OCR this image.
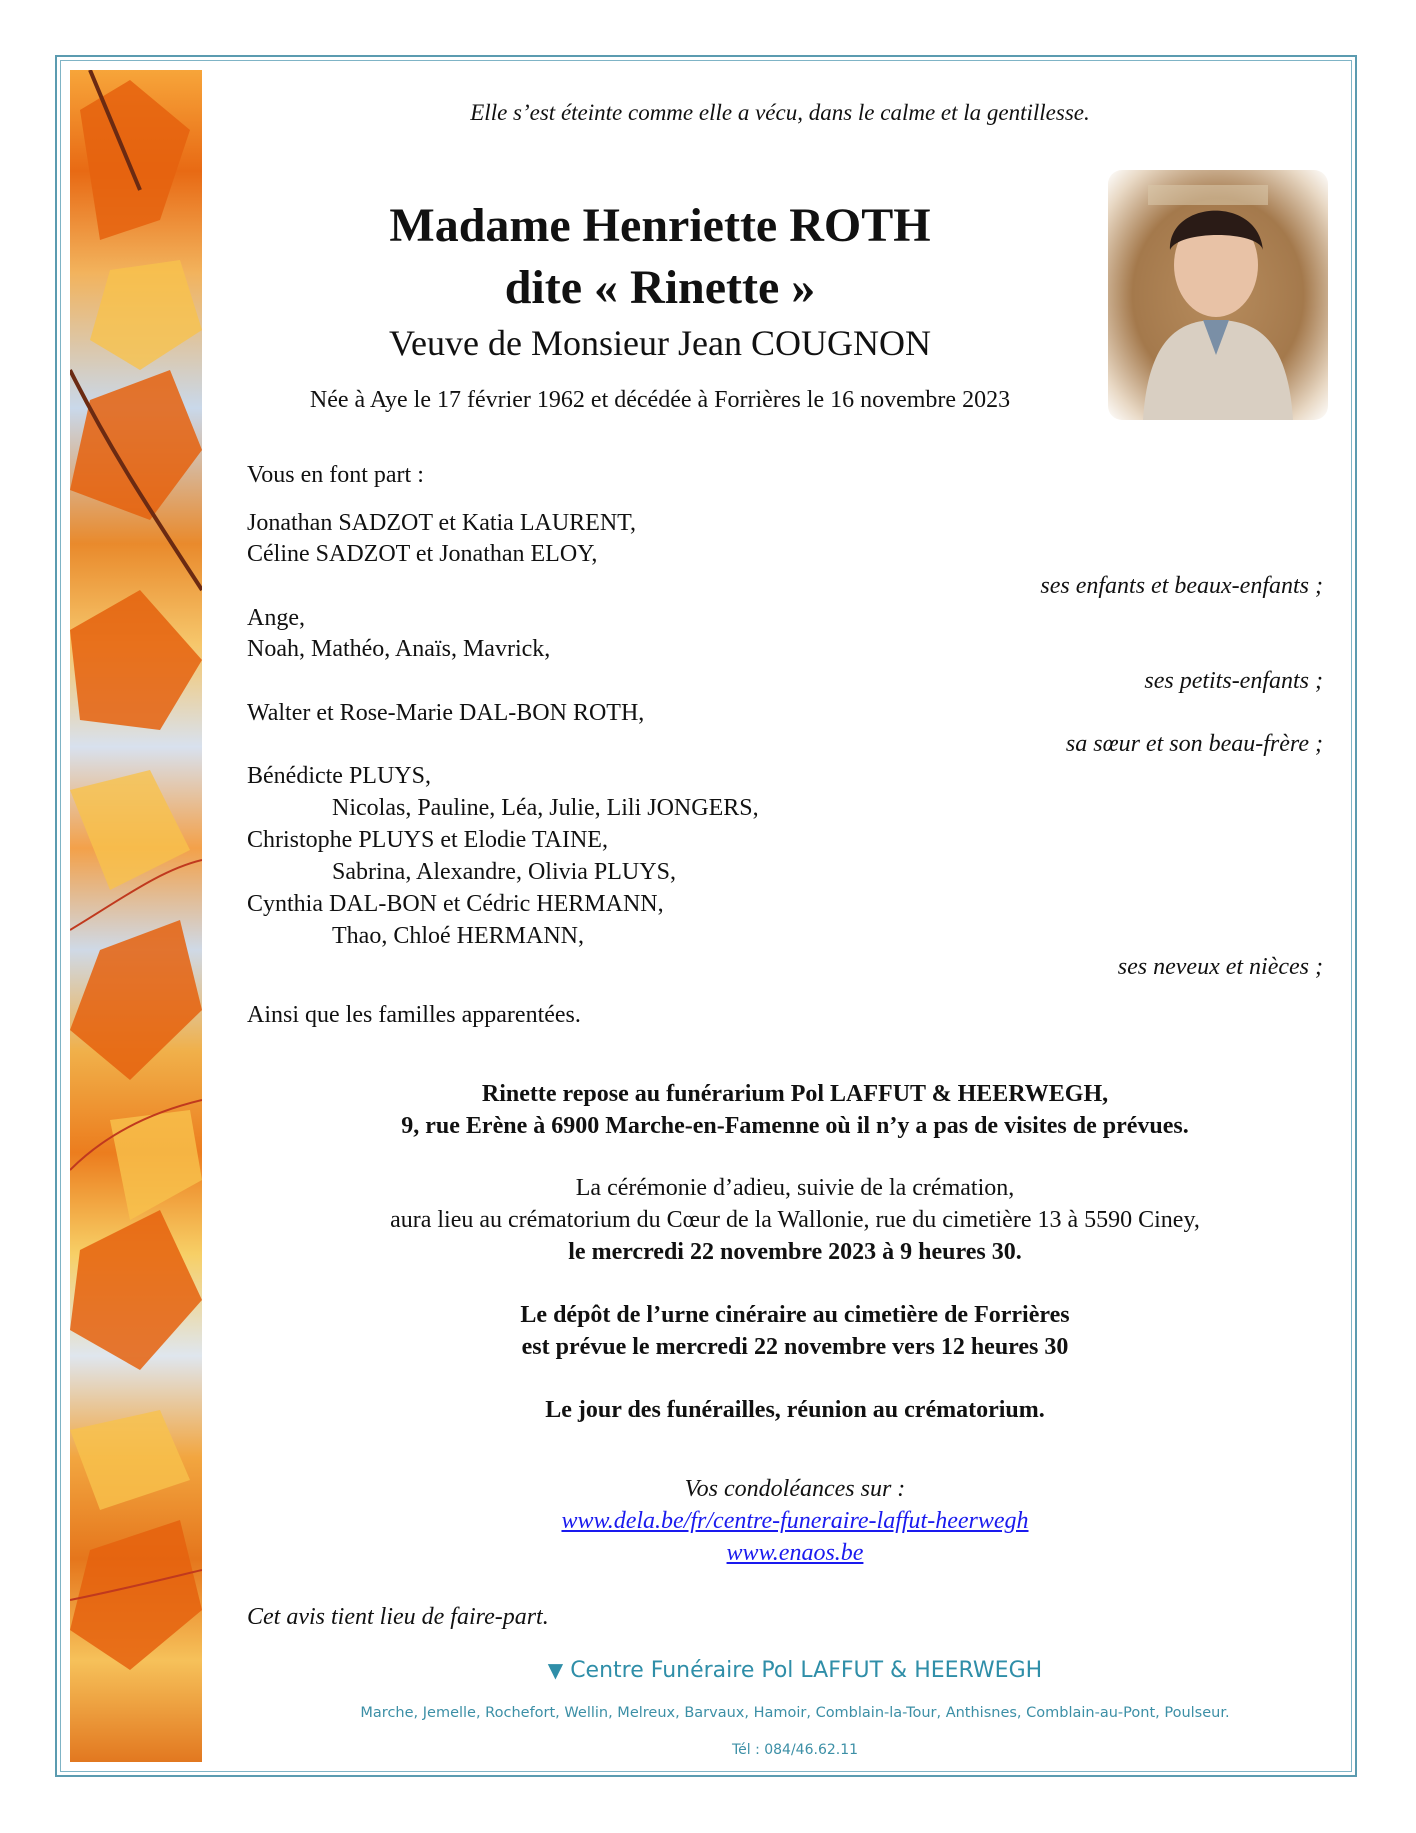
Elle s’est éteinte comme elle a vécu, dans le calme et la gentillesse.
Madame Henriette ROTH
dite « Rinette »
Veuve de Monsieur Jean COUGNON
Née à Aye le 17 février 1962 et décédée à Forrières le 16 novembre 2023
Vous en font part :
Jonathan SADZOT et Katia LAURENT,
Céline SADZOT et Jonathan ELOY,
ses enfants et beaux-enfants ;
Ange,
Noah, Mathéo, Anaïs, Mavrick,
ses petits-enfants ;
Walter et Rose-Marie DAL-BON ROTH,
sa sœur et son beau-frère ;
Bénédicte PLUYS,
Nicolas, Pauline, Léa, Julie, Lili JONGERS,
Christophe PLUYS et Elodie TAINE,
Sabrina, Alexandre, Olivia PLUYS,
Cynthia DAL-BON et Cédric HERMANN,
Thao, Chloé HERMANN,
ses neveux et nièces ;
Ainsi que les familles apparentées.
Rinette repose au funérarium Pol LAFFUT & HEERWEGH,
9, rue Erène à 6900 Marche-en-Famenne où il n’y a pas de visites de prévues.
La cérémonie d’adieu, suivie de la crémation,
aura lieu au crématorium du Cœur de la Wallonie, rue du cimetière 13 à 5590 Ciney,
le mercredi 22 novembre 2023 à 9 heures 30.
Le dépôt de l’urne cinéraire au cimetière de Forrières
est prévue le mercredi 22 novembre vers 12 heures 30
Le jour des funérailles, réunion au crématorium.
Vos condoléances sur :
www.dela.be/fr/centre-funeraire-laffut-heerwegh
www.enaos.be
Cet avis tient lieu de faire-part.
▼ Centre Funéraire Pol LAFFUT & HEERWEGH
Marche, Jemelle, Rochefort, Wellin, Melreux, Barvaux, Hamoir, Comblain-la-Tour, Anthisnes, Comblain-au-Pont, Poulseur.
Tél : 084/46.62.11
